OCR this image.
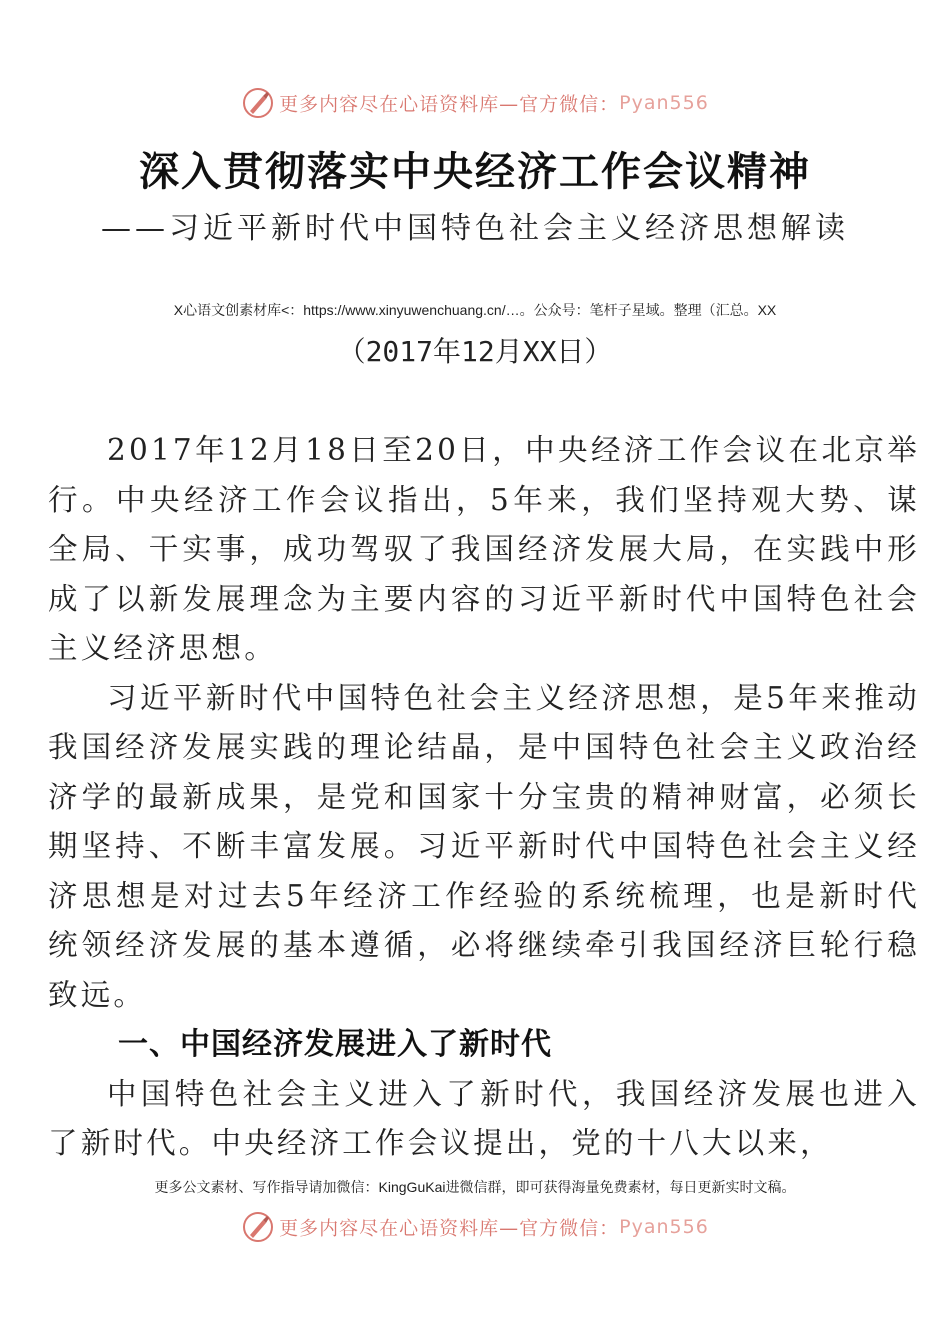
更多内容尽在心语资料库—官方微信：Pyan556
深入贯彻落实中央经济工作会议精神
——习近平新时代中国特色社会主义经济思想解读
X心语文创素材库<：https://www.xinyuwenchuang.cn/…。公众号：笔杆子星域。整理（汇总。XX
（2017年12月XX日）

2017年12月18日至20日，中央经济工作会议在北京举行。中央经济工作会议指出，5年来，我们坚持观大势、谋全局、干实事，成功驾驭了我国经济发展大局，在实践中形成了以新发展理念为主要内容的习近平新时代中国特色社会主义经济思想。

习近平新时代中国特色社会主义经济思想，是5年来推动我国经济发展实践的理论结晶，是中国特色社会主义政治经济学的最新成果，是党和国家十分宝贵的精神财富，必须长期坚持、不断丰富发展。习近平新时代中国特色社会主义经济思想是对过去5年经济工作经验的系统梳理，也是新时代统领经济发展的基本遵循，必将继续牵引我国经济巨轮行稳致远。

一、中国经济发展进入了新时代

中国特色社会主义进入了新时代，我国经济发展也进入了新时代。中央经济工作会议提出，党的十八大以来，

更多公文素材、写作指导请加微信：KingGuKai进微信群，即可获得海量免费素材，每日更新实时文稿。
更多内容尽在心语资料库—官方微信：Pyan556
